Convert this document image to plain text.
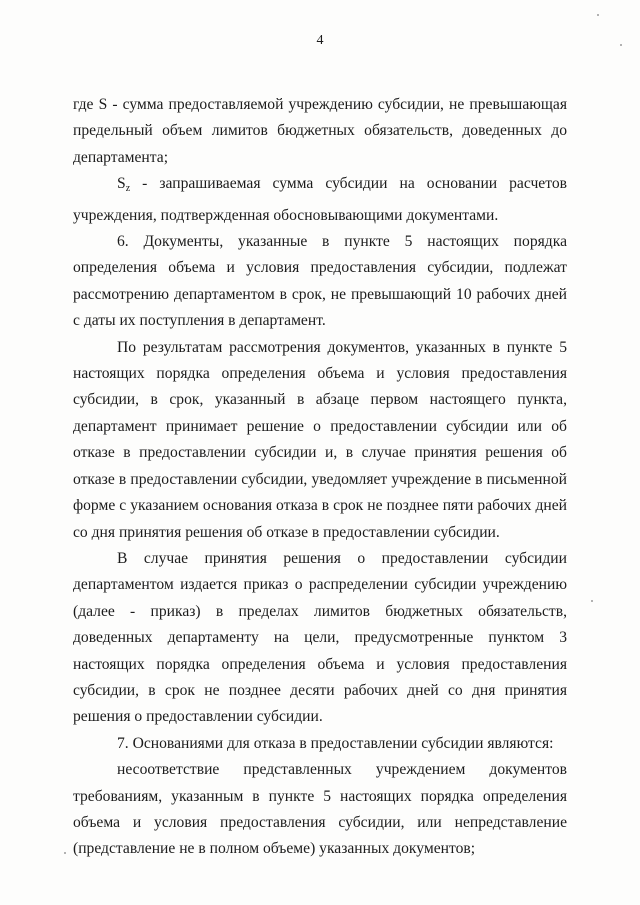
4

где S - сумма предоставляемой учреждению субсидии, не превышающая предельный объем лимитов бюджетных обязательств, доведенных до департамента;

$S_z$ - запрашиваемая сумма субсидии на основании расчетов учреждения, подтвержденная обосновывающими документами.

6. Документы, указанные в пункте 5 настоящих порядка определения объема и условия предоставления субсидии, подлежат рассмотрению департаментом в срок, не превышающий 10 рабочих дней с даты их поступления в департамент.

По результатам рассмотрения документов, указанных в пункте 5 настоящих порядка определения объема и условия предоставления субсидии, в срок, указанный в абзаце первом настоящего пункта, департамент принимает решение о предоставлении субсидии или об отказе в предоставлении субсидии и, в случае принятия решения об отказе в предоставлении субсидии, уведомляет учреждение в письменной форме с указанием основания отказа в срок не позднее пяти рабочих дней со дня принятия решения об отказе в предоставлении субсидии.

В случае принятия решения о предоставлении субсидии департаментом издается приказ о распределении субсидии учреждению (далее - приказ) в пределах лимитов бюджетных обязательств, доведенных департаменту на цели, предусмотренные пунктом 3 настоящих порядка определения объема и условия предоставления субсидии, в срок не позднее десяти рабочих дней со дня принятия решения о предоставлении субсидии.

7. Основаниями для отказа в предоставлении субсидии являются:

несоответствие представленных учреждением документов требованиям, указанным в пункте 5 настоящих порядка определения объема и условия предоставления субсидии, или непредставление (представление не в полном объеме) указанных документов;
